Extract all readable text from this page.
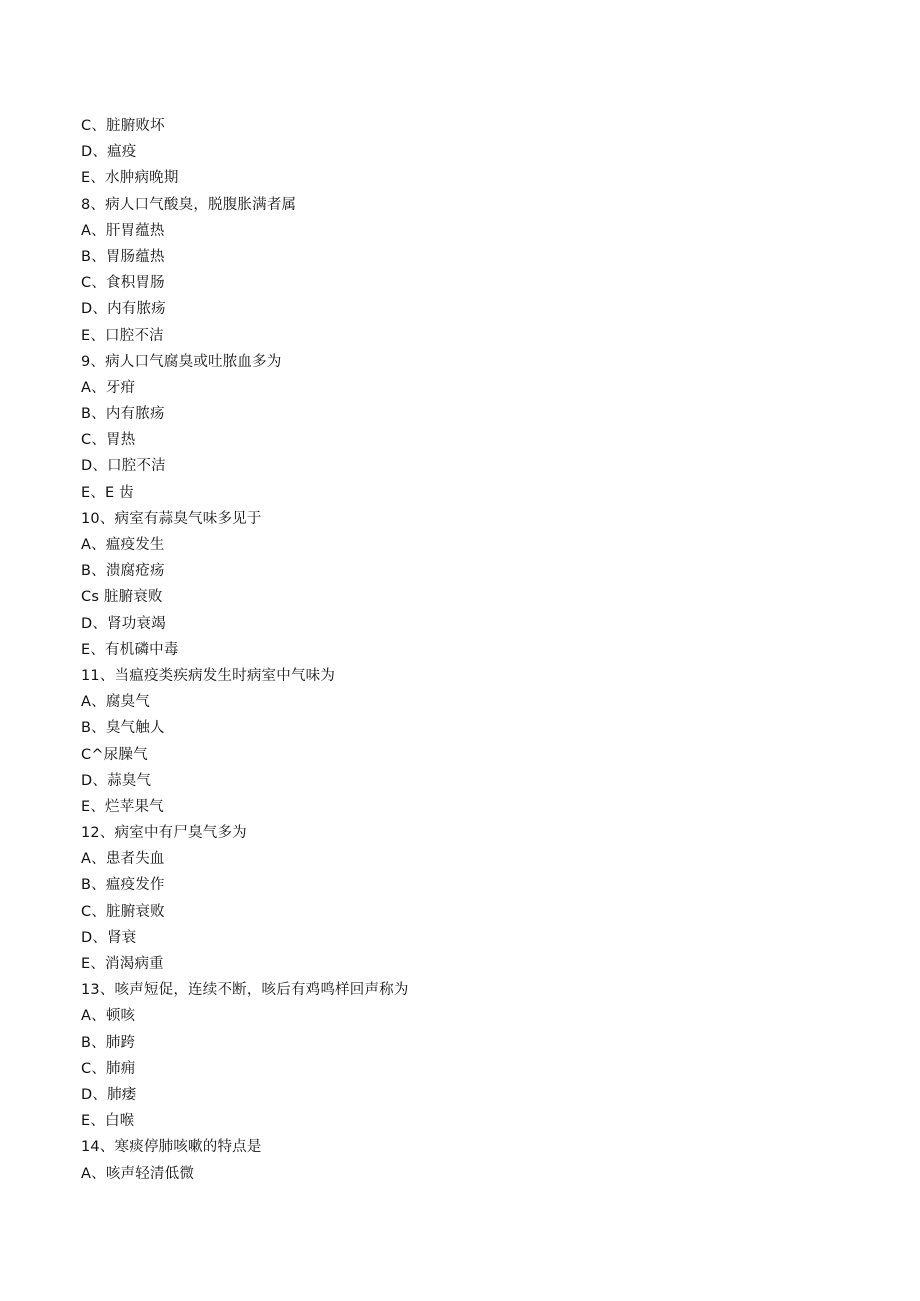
C、脏腑败坏
D、瘟疫
E、水肿病晚期
8、病人口气酸臭，脱腹胀满者属
A、肝胃蕴热
B、胃肠蕴热
C、食积胃肠
D、内有脓疡
E、口腔不洁
9、病人口气腐臭或吐脓血多为
A、牙疳
B、内有脓疡
C、胃热
D、口腔不洁
E、E 齿
10、病室有蒜臭气味多见于
A、瘟疫发生
B、溃腐疮疡
Cs 脏腑衰败
D、肾功衰竭
E、有机磷中毒
11、当瘟疫类疾病发生时病室中气味为
A、腐臭气
B、臭气触人
C^尿臊气
D、蒜臭气
E、烂苹果气
12、病室中有尸臭气多为
A、患者失血
B、瘟疫发作
C、脏腑衰败
D、肾衰
E、消渴病重
13、咳声短促，连续不断，咳后有鸡鸣样回声称为
A、顿咳
B、肺跨
C、肺痈
D、肺痿
E、白喉
14、寒痰停肺咳嗽的特点是
A、咳声轻清低微
